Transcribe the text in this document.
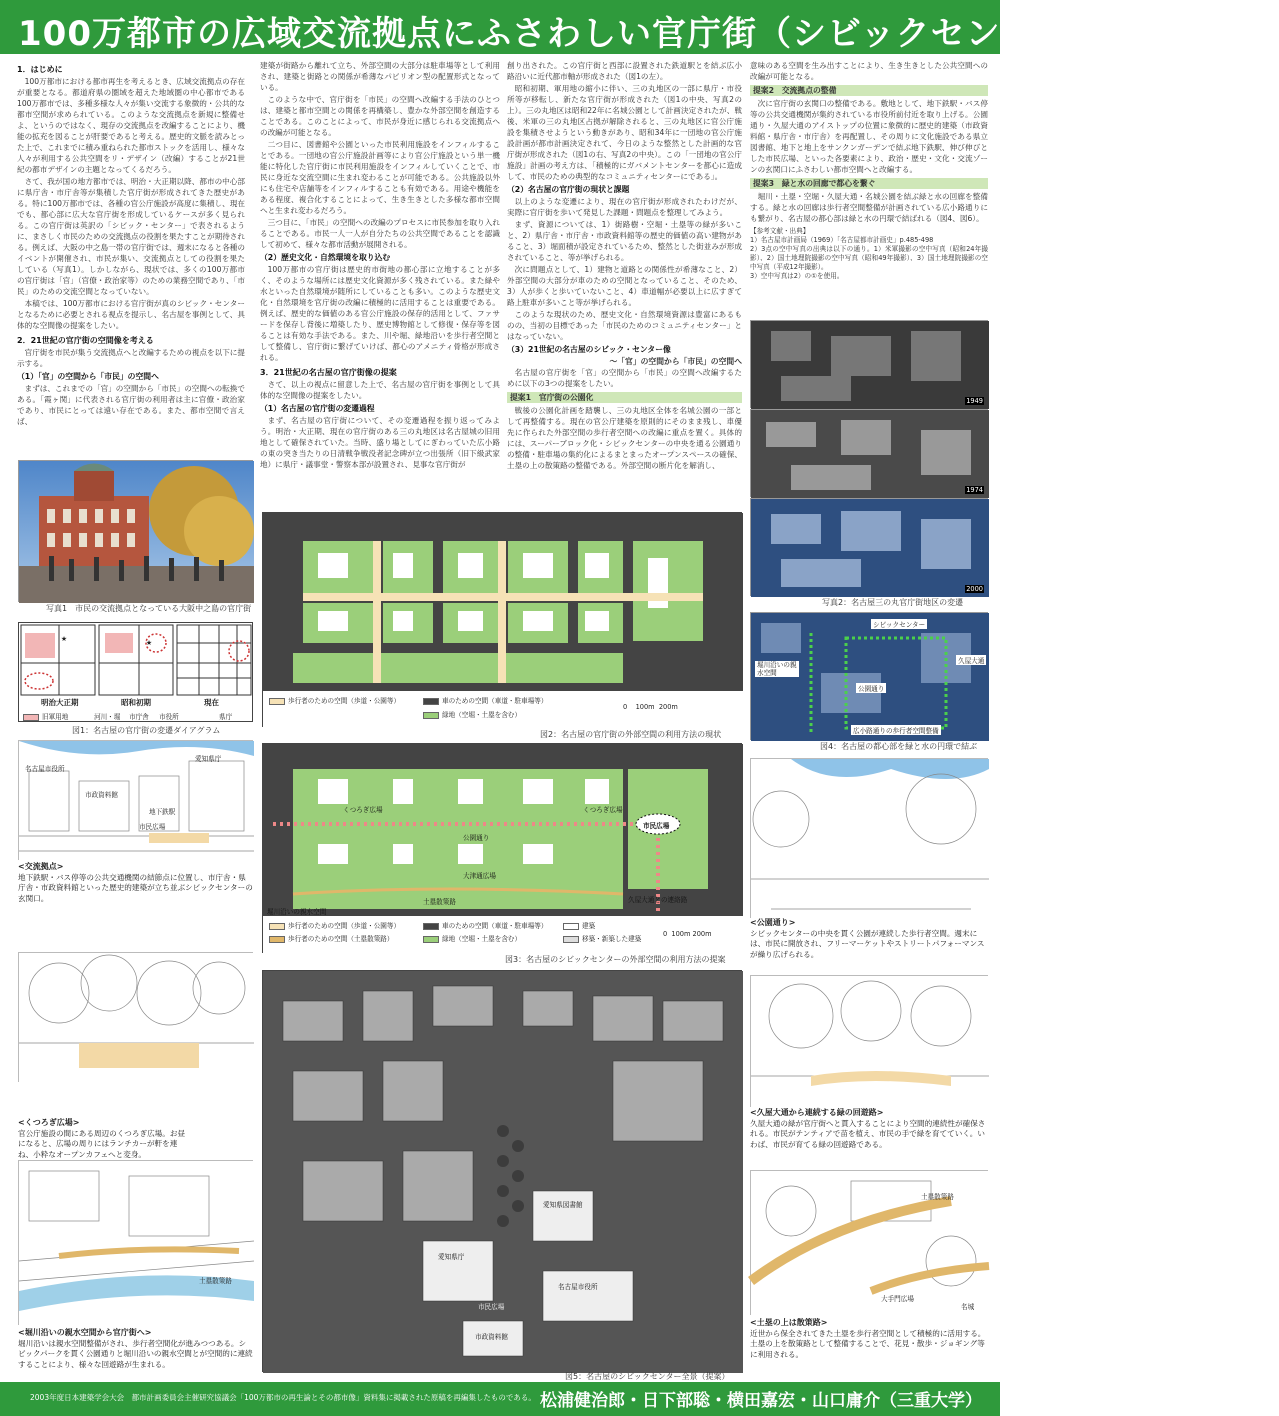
100万都市の広域交流拠点にふさわしい官庁街（シビックセンター）への改編を
1．はじめに

100万都市における都市再生を考えるとき、広域交流拠点の存在が重要となる。都道府県の圏域を超えた地域圏の中心都市である100万都市では、多種多様な人々が集い交流する象徴的・公共的な都市空間が求められている。このような交流拠点を新規に整備せよ、というのではなく、現存の交流拠点を改編することにより、機能の拡充を図ることが肝要であると考える。歴史的文脈を読みとった上で、これまでに積み重ねられた都市ストックを活用し、様々な人々が利用する公共空間をリ・デザイン（改編）することが21世紀の都市デザインの主題となってくるだろう。

さて、我が国の地方都市では、明治・大正期以降、都市の中心部に県庁舎・市庁舎等が集積した官庁街が形成されてきた歴史がある。特に100万都市では、各種の官公庁施設が高度に集積し、現在でも、都心部に広大な官庁街を形成しているケースが多く見られる。この官庁街は英訳の「シビック・センター」で表されるように、まさしく市民のための交流拠点の役割を果たすことが期待される。例えば、大阪の中之島一帯の官庁街では、週末になると各種のイベントが開催され、市民が集い、交流拠点としての役割を果たしている（写真1）。しかしながら、現状では、多くの100万都市の官庁街は「官」（官僚・政治家等）のための業務空間であり、「市民」のための交流空間となっていない。

本稿では、100万都市における官庁街が真のシビック・センターとなるために必要とされる視点を提示し、名古屋を事例として、具体的な空間像の提案をしたい。

2．21世紀の官庁街の空間像を考える

官庁街を市民が集う交流拠点へと改編するための視点を以下に提示する。

（1）「官」の空間から「市民」の空間へ

まずは、これまでの「官」の空間から「市民」の空間への転換である。「霞ヶ関」に代表される官庁街の利用者は主に官僚・政治家であり、市民にとっては遠い存在である。また、都市空間で言えば、

建築が街路から離れて立ち、外部空間の大部分は駐車場等として利用され、建築と街路との関係が希薄なパビリオン型の配置形式となっている。

このような中で、官庁街を「市民」の空間へ改編する手法のひとつは、建築と都市空間との関係を再構築し、豊かな外部空間を創造することである。このことによって、市民が身近に感じられる交流拠点への改編が可能となる。

二つ目に、図書館や公園といった市民利用施設をインフィルすることである。一団地の官公庁施設計画等により官公庁施設という単一機能に特化した官庁街に市民利用施設をインフィルしていくことで、市民に身近な交流空間に生まれ変わることが可能である。公共施設以外にも住宅や店舗等をインフィルすることも有効である。用途や機能をある程度、複合化することによって、生き生きとした多様な都市空間へと生まれ変わるだろう。

三つ目に、「市民」の空間への改編のプロセスに市民参加を取り入れることである。市民一人一人が自分たちの公共空間であることを認識して初めて、様々な都市活動が展開される。

（2）歴史文化・自然環境を取り込む

100万都市の官庁街は歴史的市街地の都心部に立地することが多く、そのような場所には歴史文化資源が多く残されている。また緑や水といった自然環境が随所にしていることも多い。このような歴史文化・自然環境を官庁街の改編に積極的に活用することは重要である。例えば、歴史的な価値のある官公庁施設の保存的活用として、ファサードを保存し背後に増築したり、歴史博物館として修復・保存等を図ることは有効な手法である。また、川や堀、緑地沿いを歩行者空間として整備し、官庁街に繋げていけば、都心のアメニティ骨格が形成される。

3．21世紀の名古屋の官庁街像の提案

さて、以上の視点に留意した上で、名古屋の官庁街を事例として具体的な空間像の提案をしたい。

（1）名古屋の官庁街の変遷過程

まず、名古屋の官庁街について、その変遷過程を振り返ってみよう。明治・大正期、現在の官庁街のある三の丸地区は名古屋城の旧用地として確保されていた。当時、盛り場としてにぎわっていた広小路の東の突き当たりの日清戦争戦没者記念碑が立つ出張所（旧下級武家地）に県庁・議事堂・警察本部が設置され、見事な官庁街が

創り出された。この官庁街と西部に設置された鉄道駅とを結ぶ広小路沿いに近代都市軸が形成された（図1の左）。

昭和初期、軍用地の縮小に伴い、三の丸地区の一部に県庁・市役所等が移転し、新たな官庁街が形成された（図1の中央、写真2の上）。三の丸地区は昭和22年に名城公園として計画決定されたが、戦後、米軍の三の丸地区占拠が解除されると、三の丸地区に官公庁施設を集積させようという動きがあり、昭和34年に一団地の官公庁施設計画が都市計画決定されて、今日のような整然とした計画的な官庁街が形成された（図1の右、写真2の中央）。この「一団地の官公庁施設」計画の考え方は、「積極的にガバメントセンターを都心に造成して、市民のための典型的なコミュニティセンターにである」。

（2）名古屋の官庁街の現状と課題

以上のような変遷により、現在の官庁街が形成されたわけだが、実際に官庁街を歩いて発見した課題・問題点を整理してみよう。

まず、資源については、1）街路樹・空堀・土塁等の緑が多いこと、2）県庁舎・市庁舎・市政資料館等の歴史的価値の高い建物があること、3）堀面積が設定されているため、整然とした街並みが形成されていること、等が挙げられる。

次に問題点として、1）建物と道路との関係性が希薄なこと、2）外部空間の大部分が車のための空間となっていること、そのため、3）人が歩くと歩いていないこと、4）車道幅が必要以上に広すぎて路上駐車が多いこと等が挙げられる。

このような現状のため、歴史文化・自然環境資源は豊富にあるものの、当初の目標であった「市民のためのコミュニティセンター」とはなっていない。

（3）21世紀の名古屋のシビック・センター像
～「官」の空間から「市民」の空間へ

名古屋の官庁街を「官」の空間から「市民」の空間へ改編するために以下の3つの提案をしたい。

提案1　官庁街の公園化

戦後の公園化計画を踏襲し、三の丸地区全体を名城公園の一部として再整備する。現在の官公庁建築を原則的にそのまま残し、車優先に作られた外部空間の歩行者空間への改編に重点を置く。具体的には、スーパーブロック化・シビックセンターの中央を通る公園通りの整備・駐車場の集約化によるまとまったオープンスペースの確保、土塁の上の散策路の整備である。外部空間の断片化を解消し、

意味のある空間を生み出すことにより、生き生きとした公共空間への改編が可能となる。

提案2　交流拠点の整備

次に官庁街の玄関口の整備である。敷地として、地下鉄駅・バス停等の公共交通機関が集約されている市役所前付近を取り上げる。公園通り・久屋大通のアイストップの位置に象徴的に歴史的建築（市政資料館・県庁舎・市庁舎）を再配置し、その周りに文化施設である県立図書館、地下と地上をサンクンガーデンで結ぶ地下鉄駅、伸び伸びとした市民広場、といった各要素により、政治・歴史・文化・交流ゾーンの玄関口にふさわしい都市空間へと改編する。

提案3　緑と水の回廊で都心を繋ぐ

堀川・土塁・空堀・久屋大通・名城公園を結ぶ緑と水の回廊を整備する。緑と水の回廊は歩行者空間整備が計画されている広小路通りにも繋がり、名古屋の都心部は緑と水の円環で結ばれる（図4、図6）。

【参考文献・出典】
1）名古屋市計画局（1969）「名古屋都市計画史」p.485-498
2）3点の空中写真の出典は以下の通り。1）米軍撮影の空中写真（昭和24年撮影）、2）国土地理院撮影の空中写真（昭和49年撮影）、3）国土地理院撮影の空中写真（平成12年撮影）。
3）空中写真は2）の①を使用。
写真1　市民の交流拠点となっている大阪中之島の官庁街
★	★
明治大正期	昭和初期	現在
旧軍用地	河川・堀 市庁舎 市役所	県庁
図1：名古屋の官庁街の変遷ダイアグラム
愛知県庁
名古屋市役所
市政資料館
地下鉄駅
市民広場
<交流拠点>
地下鉄駅・バス停等の公共交通機関の結節点に位置し、市庁舎・県庁舎・市政資料館といった歴史的建築が立ち並ぶシビックセンターの玄関口。
<くつろぎ広場>
官公庁施設の間にある周辺のくつろぎ広場。お昼になると、広場の周りにはランチカーが軒を連ね、小粋なオープンカフェへと変身。
土塁散策路
<堀川沿いの親水空間から官庁街へ>
堀川沿いは親水空間整備がされ、歩行者空間化が進みつつある。シビックパークを貫く公園通りと堀川沿いの親水空間とが空間的に連続することにより、様々な回遊路が生まれる。
歩行者のための空間（歩道・公園等）	車のための空間（車道・駐車場等）
緑地（空堀・土塁を含む）
0 100m 200m
図2：名古屋の官庁街の外部空間の利用方法の現状
くつろぎ広場
公園通り
市民広場
大津通広場
土塁散策路	久屋大通との連絡路
堀川沿いの親水空間
くつろぎ広場
歩行者のための空間（歩道・公園等）
歩行者のための空間（土塁散策路）
車のための空間（車道・駐車場等）
緑地（空堀・土塁を含む）
建築
移築・新築した建築
0 100m 200m
図3：名古屋のシビックセンターの外部空間の利用方法の提案
愛知県庁
名古屋市役所
市政資料館
愛知県図書館
市民広場
図5：名古屋のシビックセンター全景（提案）
1949
1974
2000
写真2：名古屋三の丸官庁街地区の変遷
シビックセンター
久屋大通
堀川沿いの親水空間
公園通り
広小路通りの歩行者空間整備
図4：名古屋の都心部を緑と水の円環で結ぶ
<公園通り>
シビックセンターの中央を貫く公園が連続した歩行者空間。週末には、市民に開放され、フリーマーケットやストリートパフォーマンスが繰り広げられる。
<久屋大通から連続する緑の回遊路>
久屋大通の緑が官庁街へと貫入することにより空間的連続性が確保される。市民がテンティアで苗を植え、市民の手で緑を育てていく。いわば、市民が育てる緑の回遊路である。
土塁散策路
大手門広場
名城
<土塁の上は散策路>
近世から保全されてきた土塁を歩行者空間として積極的に活用する。土塁の上を散策路として整備することで、花見・散歩・ジョギング等に利用される。
2003年度日本建築学会大会　都市計画委員会主催研究協議会「100万都市の再生論とその都市像」資料集に掲載された原稿を再編集したものである。 松浦健治郎・日下部聡・横田嘉宏・山口庸介（三重大学）
